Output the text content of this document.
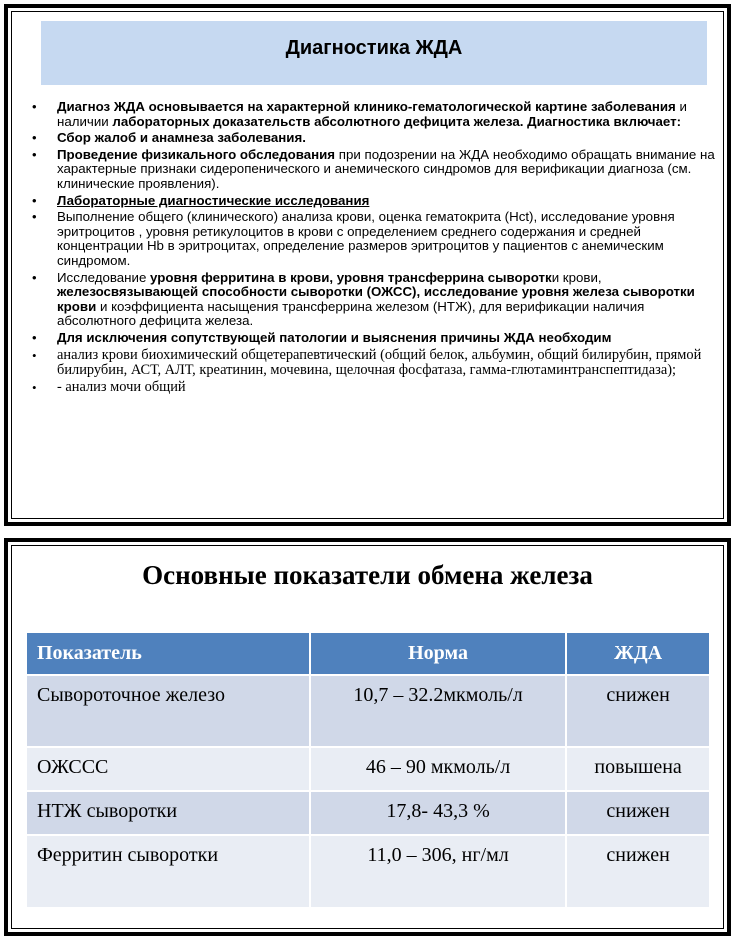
Диагностика ЖДА
• Диагноз ЖДА основывается на характерной клинико-гематологической картине заболевания и наличии лабораторных доказательств абсолютного дефицита железа. Диагностика включает:
• Сбор жалоб и анамнеза заболевания.
• Проведение физикального обследования при подозрении на ЖДА необходимо обращать внимание на характерные признаки сидеропенического и анемического синдромов для верификации диагноза (см. клинические проявления).
• Лабораторные диагностические исследования
• Выполнение общего (клинического) анализа крови, оценка гематокрита (Hct), исследование уровня эритроцитов , уровня ретикулоцитов в крови с определением среднего содержания и средней концентрации Hb в эритроцитах, определение размеров эритроцитов у пациентов с анемическим синдромом.
• Исследование уровня ферритина в крови, уровня трансферрина сыворотки крови, железосвязывающей способности сыворотки (ОЖСС), исследование уровня железа сыворотки крови и коэффициента насыщения трансферрина железом (НТЖ), для верификации наличия абсолютного дефицита железа.
• Для исключения сопутствующей патологии и выяснения причины ЖДА необходим
• анализ крови биохимический общетерапевтический (общий белок, альбумин, общий билирубин, прямой билирубин, АСТ, АЛТ, креатинин, мочевина, щелочная фосфатаза, гамма-глютаминтранспептидаза);
• - анализ мочи общий
Основные показатели обмена железа
Показатель	Норма	ЖДА
Сывороточное железо	10,7 – 32.2мкмоль/л	снижен
ОЖССС	46 – 90 мкмоль/л	повышена
НТЖ сыворотки	17,8- 43,3 %	снижен
Ферритин сыворотки	11,0 – 306, нг/мл	снижен
